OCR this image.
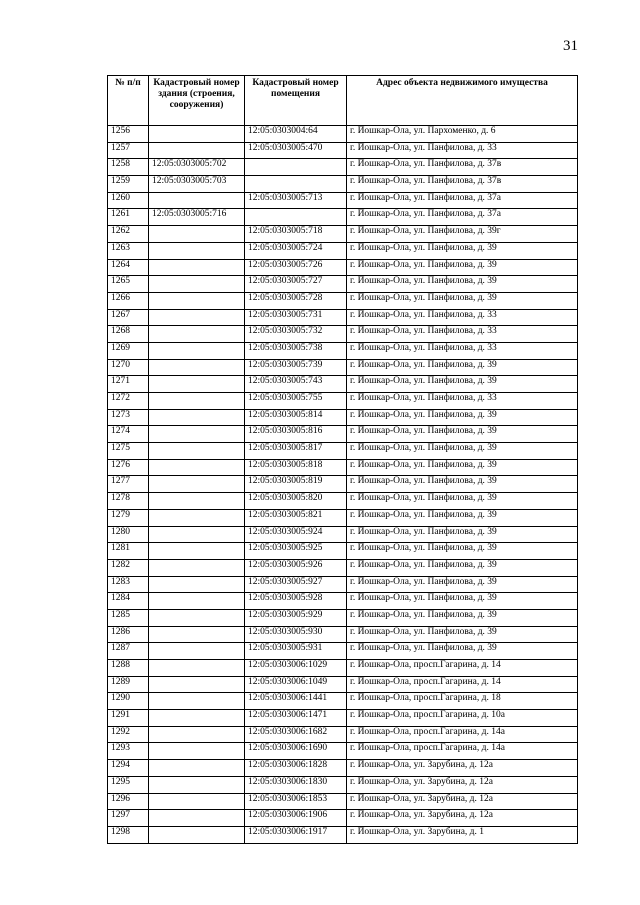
31
№ п/п	Кадастровый номер здания (строения, сооружения)	Кадастровый номер помещения	Адрес объекта недвижимого имущества
1256		12:05:0303004:64	г. Йошкар-Ола, ул. Пархоменко, д. 6
1257		12:05:0303005:470	г. Йошкар-Ола, ул. Панфилова, д. 33
1258	12:05:0303005:702		г. Йошкар-Ола, ул. Панфилова, д. 37в
1259	12:05:0303005:703		г. Йошкар-Ола, ул. Панфилова, д. 37в
1260		12:05:0303005:713	г. Йошкар-Ола, ул. Панфилова, д. 37а
1261	12:05:0303005:716		г. Йошкар-Ола, ул. Панфилова, д. 37а
1262		12:05:0303005:718	г. Йошкар-Ола, ул. Панфилова, д. 39г
1263		12:05:0303005:724	г. Йошкар-Ола, ул. Панфилова, д. 39
1264		12:05:0303005:726	г. Йошкар-Ола, ул. Панфилова, д. 39
1265		12:05:0303005:727	г. Йошкар-Ола, ул. Панфилова, д. 39
1266		12:05:0303005:728	г. Йошкар-Ола, ул. Панфилова, д. 39
1267		12:05:0303005:731	г. Йошкар-Ола, ул. Панфилова, д. 33
1268		12:05:0303005:732	г. Йошкар-Ола, ул. Панфилова, д. 33
1269		12:05:0303005:738	г. Йошкар-Ола, ул. Панфилова, д. 33
1270		12:05:0303005:739	г. Йошкар-Ола, ул. Панфилова, д. 39
1271		12:05:0303005:743	г. Йошкар-Ола, ул. Панфилова, д. 39
1272		12:05:0303005:755	г. Йошкар-Ола, ул. Панфилова, д. 33
1273		12:05:0303005:814	г. Йошкар-Ола, ул. Панфилова, д. 39
1274		12:05:0303005:816	г. Йошкар-Ола, ул. Панфилова, д. 39
1275		12:05:0303005:817	г. Йошкар-Ола, ул. Панфилова, д. 39
1276		12:05:0303005:818	г. Йошкар-Ола, ул. Панфилова, д. 39
1277		12:05:0303005:819	г. Йошкар-Ола, ул. Панфилова, д. 39
1278		12:05:0303005:820	г. Йошкар-Ола, ул. Панфилова, д. 39
1279		12:05:0303005:821	г. Йошкар-Ола, ул. Панфилова, д. 39
1280		12:05:0303005:924	г. Йошкар-Ола, ул. Панфилова, д. 39
1281		12:05:0303005:925	г. Йошкар-Ола, ул. Панфилова, д. 39
1282		12:05:0303005:926	г. Йошкар-Ола, ул. Панфилова, д. 39
1283		12:05:0303005:927	г. Йошкар-Ола, ул. Панфилова, д. 39
1284		12:05:0303005:928	г. Йошкар-Ола, ул. Панфилова, д. 39
1285		12:05:0303005:929	г. Йошкар-Ола, ул. Панфилова, д. 39
1286		12:05:0303005:930	г. Йошкар-Ола, ул. Панфилова, д. 39
1287		12:05:0303005:931	г. Йошкар-Ола, ул. Панфилова, д. 39
1288		12:05:0303006:1029	г. Йошкар-Ола, просп.Гагарина, д. 14
1289		12:05:0303006:1049	г. Йошкар-Ола, просп.Гагарина, д. 14
1290		12:05:0303006:1441	г. Йошкар-Ола, просп.Гагарина, д. 18
1291		12:05:0303006:1471	г. Йошкар-Ола, просп.Гагарина, д. 10а
1292		12:05:0303006:1682	г. Йошкар-Ола, просп.Гагарина, д. 14а
1293		12:05:0303006:1690	г. Йошкар-Ола, просп.Гагарина, д. 14а
1294		12:05:0303006:1828	г. Йошкар-Ола, ул. Зарубина, д. 12а
1295		12:05:0303006:1830	г. Йошкар-Ола, ул. Зарубина, д. 12а
1296		12:05:0303006:1853	г. Йошкар-Ола, ул. Зарубина, д. 12а
1297		12:05:0303006:1906	г. Йошкар-Ола, ул. Зарубина, д. 12а
1298		12:05:0303006:1917	г. Йошкар-Ола, ул. Зарубина, д. 1
